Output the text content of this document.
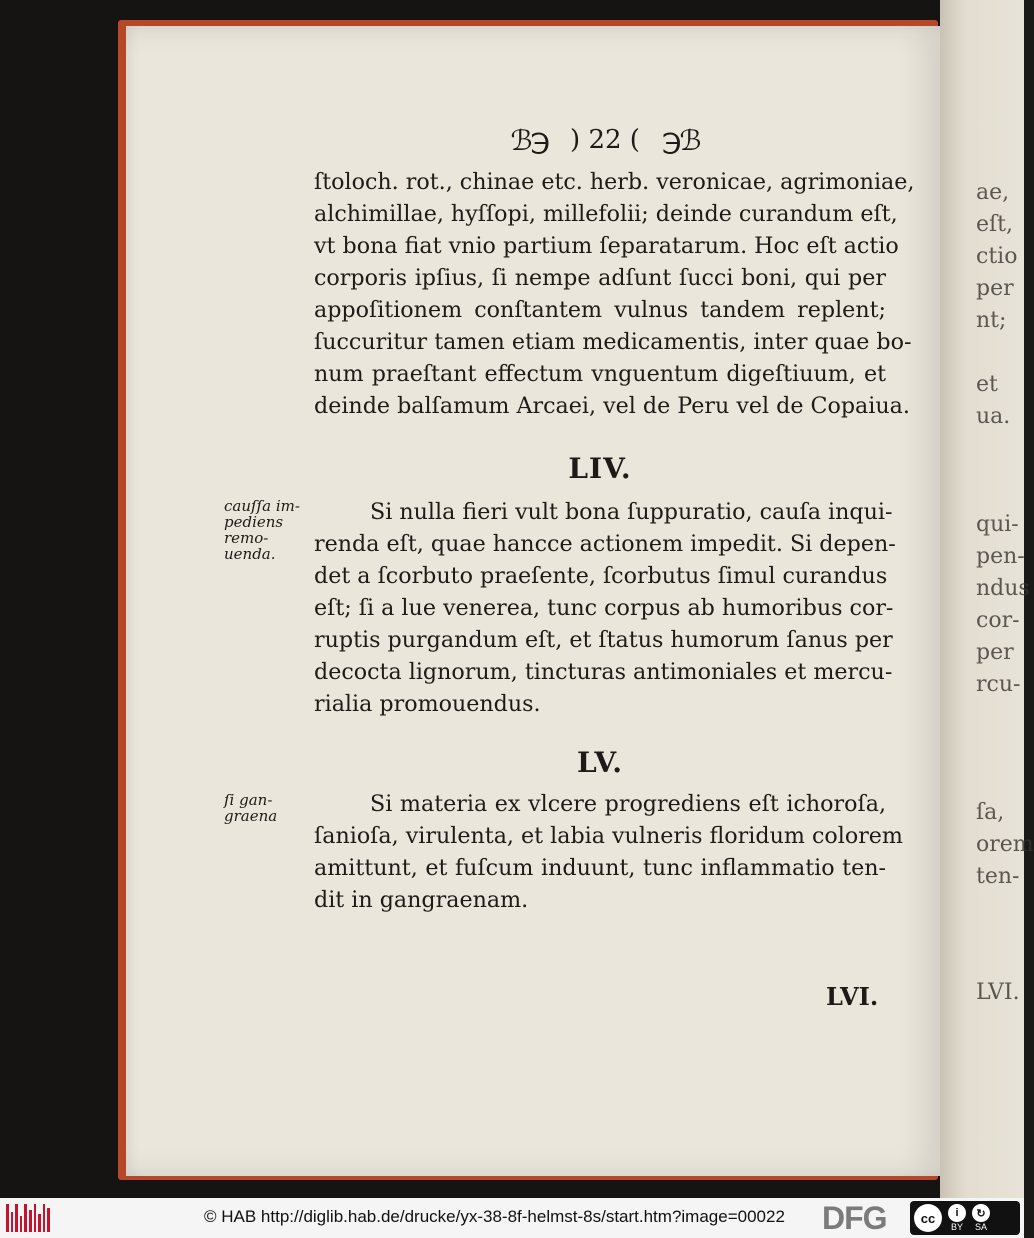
ae,
eſt,
ctio
per
nt;
et
ua.
qui-
pen-
ndus
cor-
per
rcu-
ſa,
orem
ten-
LVI.
ℬ℈ ) 22 ( ℈ℬ
ſtoloch. rot., chinae etc. herb. veronicae, agrimoniae,
alchimillae, hyſſopi, millefolii; deinde curandum eſt,
vt bona fiat vnio partium ſeparatarum. Hoc eſt actio
corporis ipſius, ſi nempe adſunt ſucci boni, qui per
appoſitionem conſtantem vulnus tandem replent;
ſuccuritur tamen etiam medicamentis, inter quae bo-
num praeſtant effectum vnguentum digeſtiuum, et
deinde balſamum Arcaei, vel de Peru vel de Copaiua.
LIV.
cauſſa im-
pediens
remo-
uenda.
Si nulla fieri vult bona ſuppuratio, cauſa inqui-
renda eſt, quae hancce actionem impedit. Si depen-
det a ſcorbuto praeſente, ſcorbutus ſimul curandus
eſt; ſi a lue venerea, tunc corpus ab humoribus cor-
ruptis purgandum eſt, et ſtatus humorum ſanus per
decocta lignorum, tincturas antimoniales et mercu-
rialia promouendus.
LV.
ſi gan-
graena	Si materia ex vlcere progrediens eſt ichoroſa,
ſanioſa, virulenta, et labia vulneris floridum colorem
amittunt, et fuſcum induunt, tunc inflammatio ten-
dit in gangraenam.
LVI.
© HAB http://diglib.hab.de/drucke/yx-38-8f-helmst-8s/start.htm?image=00022 DFG	cc	i
BY
↻
SA
